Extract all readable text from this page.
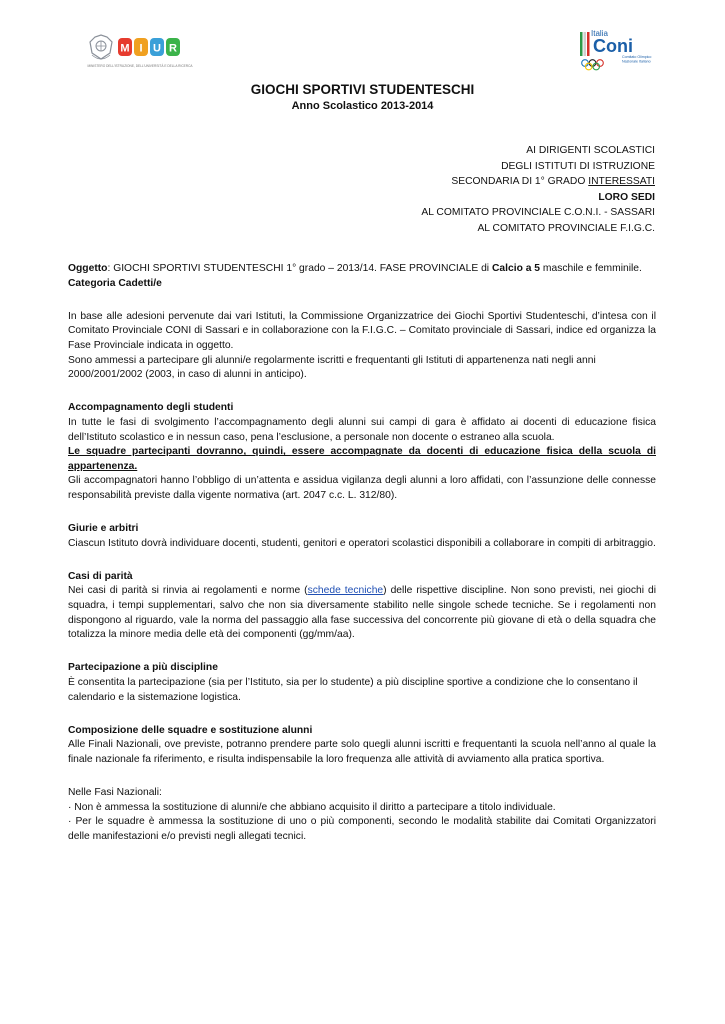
M I U R
MINISTERO DELL'ISTRUZIONE, DELL'UNIVERSITÀ E DELLA RICERCA
Italia
Coni
Comitato Olimpico
Nazionale Italiano
GIOCHI SPORTIVI STUDENTESCHI
Anno Scolastico 2013-2014
AI DIRIGENTI SCOLASTICI
DEGLI ISTITUTI DI ISTRUZIONE
SECONDARIA DI 1° GRADO INTERESSATI
LORO SEDI
AL COMITATO PROVINCIALE C.O.N.I. - SASSARI
AL COMITATO PROVINCIALE F.I.G.C.

Oggetto: GIOCHI SPORTIVI STUDENTESCHI 1° grado – 2013/14. FASE PROVINCIALE di Calcio a 5 maschile e femminile.

Categoria Cadetti/e

In base alle adesioni pervenute dai vari Istituti, la Commissione Organizzatrice dei Giochi Sportivi Studenteschi, d’intesa con il Comitato Provinciale CONI di Sassari e in collaborazione con la F.I.G.C. – Comitato provinciale di Sassari, indice ed organizza la Fase Provinciale indicata in oggetto.

Sono ammessi a partecipare gli alunni/e regolarmente iscritti e frequentanti gli Istituti di appartenenza nati negli anni 2000/2001/2002 (2003, in caso di alunni in anticipo).

Accompagnamento degli studenti

In tutte le fasi di svolgimento l’accompagnamento degli alunni sui campi di gara è affidato ai docenti di educazione fisica dell’Istituto scolastico e in nessun caso, pena l’esclusione, a personale non docente o estraneo alla scuola.

Le squadre partecipanti dovranno, quindi, essere accompagnate da docenti di educazione fisica della scuola di appartenenza.

Gli accompagnatori hanno l’obbligo di un’attenta e assidua vigilanza degli alunni a loro affidati, con l’assunzione delle connesse responsabilità previste dalla vigente normativa (art. 2047 c.c. L. 312/80).

Giurie e arbitri

Ciascun Istituto dovrà individuare docenti, studenti, genitori e operatori scolastici disponibili a collaborare in compiti di arbitraggio.

Casi di parità

Nei casi di parità si rinvia ai regolamenti e norme (schede tecniche) delle rispettive discipline. Non sono previsti, nei giochi di squadra, i tempi supplementari, salvo che non sia diversamente stabilito nelle singole schede tecniche. Se i regolamenti non dispongono al riguardo, vale la norma del passaggio alla fase successiva del concorrente più giovane di età o della squadra che totalizza la minore media delle età dei componenti (gg/mm/aa).

Partecipazione a più discipline

È consentita la partecipazione (sia per l’Istituto, sia per lo studente) a più discipline sportive a condizione che lo consentano il calendario e la sistemazione logistica.

Composizione delle squadre e sostituzione alunni

Alle Finali Nazionali, ove previste, potranno prendere parte solo quegli alunni iscritti e frequentanti la scuola nell’anno al quale la finale nazionale fa riferimento, e risulta indispensabile la loro frequenza alle attività di avviamento alla pratica sportiva.

Nelle Fasi Nazionali:

· Non è ammessa la sostituzione di alunni/e che abbiano acquisito il diritto a partecipare a titolo individuale.

· Per le squadre è ammessa la sostituzione di uno o più componenti, secondo le modalità stabilite dai Comitati Organizzatori delle manifestazioni e/o previsti negli allegati tecnici.
